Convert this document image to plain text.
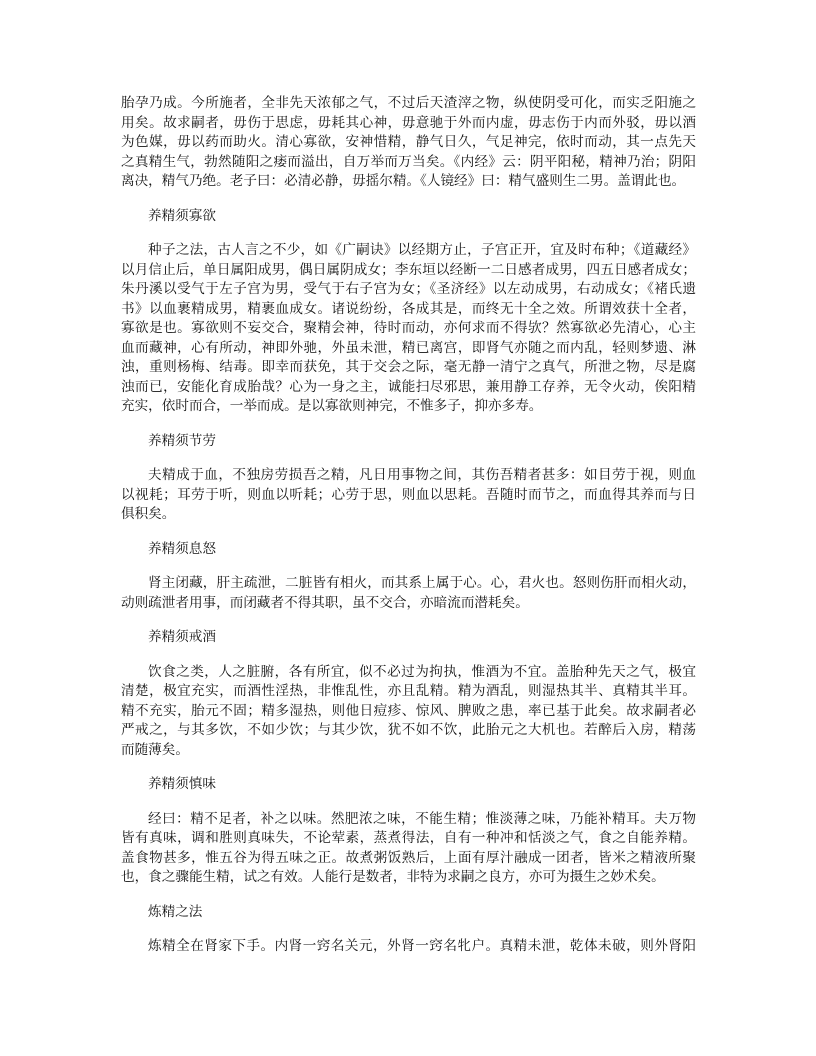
胎孕乃成。今所施者，全非先天浓郁之气，不过后天渣滓之物，纵使阴受可化，而实乏阳施之
用矣。故求嗣者，毋伤于思虑，毋耗其心神，毋意驰于外而内虚，毋志伤于内而外驳，毋以酒
为色媒，毋以药而助火。清心寡欲，安神惜精，静气日久，气足神完，依时而动，其一点先天
之真精生气，勃然随阳之痿而溢出，自万举而万当矣。《内经》云：阴平阳秘，精神乃治；阴阳
离决，精气乃绝。老子曰：必清必静，毋摇尔精。《人镜经》曰：精气盛则生二男。盖谓此也。
养精须寡欲
种子之法，古人言之不少，如《广嗣诀》以经期方止，子宫正开，宜及时布种；《道藏经》
以月信止后，单日属阳成男，偶日属阴成女；李东垣以经断一二日感者成男，四五日感者成女；
朱丹溪以受气于左子宫为男，受气于右子宫为女；《圣济经》以左动成男，右动成女；《褚氏遗
书》以血裹精成男，精裹血成女。诸说纷纷，各成其是，而终无十全之效。所谓效获十全者，
寡欲是也。寡欲则不妄交合，聚精会神，待时而动，亦何求而不得欤？然寡欲必先清心，心主
血而藏神，心有所动，神即外驰，外虽未泄，精已离宫，即肾气亦随之而内乱，轻则梦遗、淋
浊，重则杨梅、结毒。即幸而获免，其于交会之际，毫无静一清宁之真气，所泄之物，尽是腐
浊而已，安能化育成胎哉？心为一身之主，诚能扫尽邪思，兼用静工存养，无令火动，俟阳精
充实，依时而合，一举而成。是以寡欲则神完，不惟多子，抑亦多寿。
养精须节劳
夫精成于血，不独房劳损吾之精，凡日用事物之间，其伤吾精者甚多：如目劳于视，则血
以视耗；耳劳于听，则血以听耗；心劳于思，则血以思耗。吾随时而节之，而血得其养而与日
俱积矣。
养精须息怒
肾主闭藏，肝主疏泄，二脏皆有相火，而其系上属于心。心，君火也。怒则伤肝而相火动，
动则疏泄者用事，而闭藏者不得其职，虽不交合，亦暗流而潜耗矣。
养精须戒酒
饮食之类，人之脏腑，各有所宜，似不必过为拘执，惟酒为不宜。盖胎种先天之气，极宜
清楚，极宜充实，而酒性淫热，非惟乱性，亦且乱精。精为酒乱，则湿热其半、真精其半耳。
精不充实，胎元不固；精多湿热，则他日痘疹、惊风、脾败之患，率已基于此矣。故求嗣者必
严戒之，与其多饮，不如少饮；与其少饮，犹不如不饮，此胎元之大机也。若醉后入房，精荡
而随薄矣。
养精须慎味
经曰：精不足者，补之以味。然肥浓之味，不能生精；惟淡薄之味，乃能补精耳。夫万物
皆有真味，调和胜则真味失，不论荤素，蒸煮得法，自有一种冲和恬淡之气，食之自能养精。
盖食物甚多，惟五谷为得五味之正。故煮粥饭熟后，上面有厚汁融成一团者，皆米之精液所聚
也，食之骤能生精，试之有效。人能行是数者，非特为求嗣之良方，亦可为摄生之妙术矣。
炼精之法
炼精全在肾家下手。内肾一窍名关元，外肾一窍名牝户。真精未泄，乾体未破，则外肾阳
